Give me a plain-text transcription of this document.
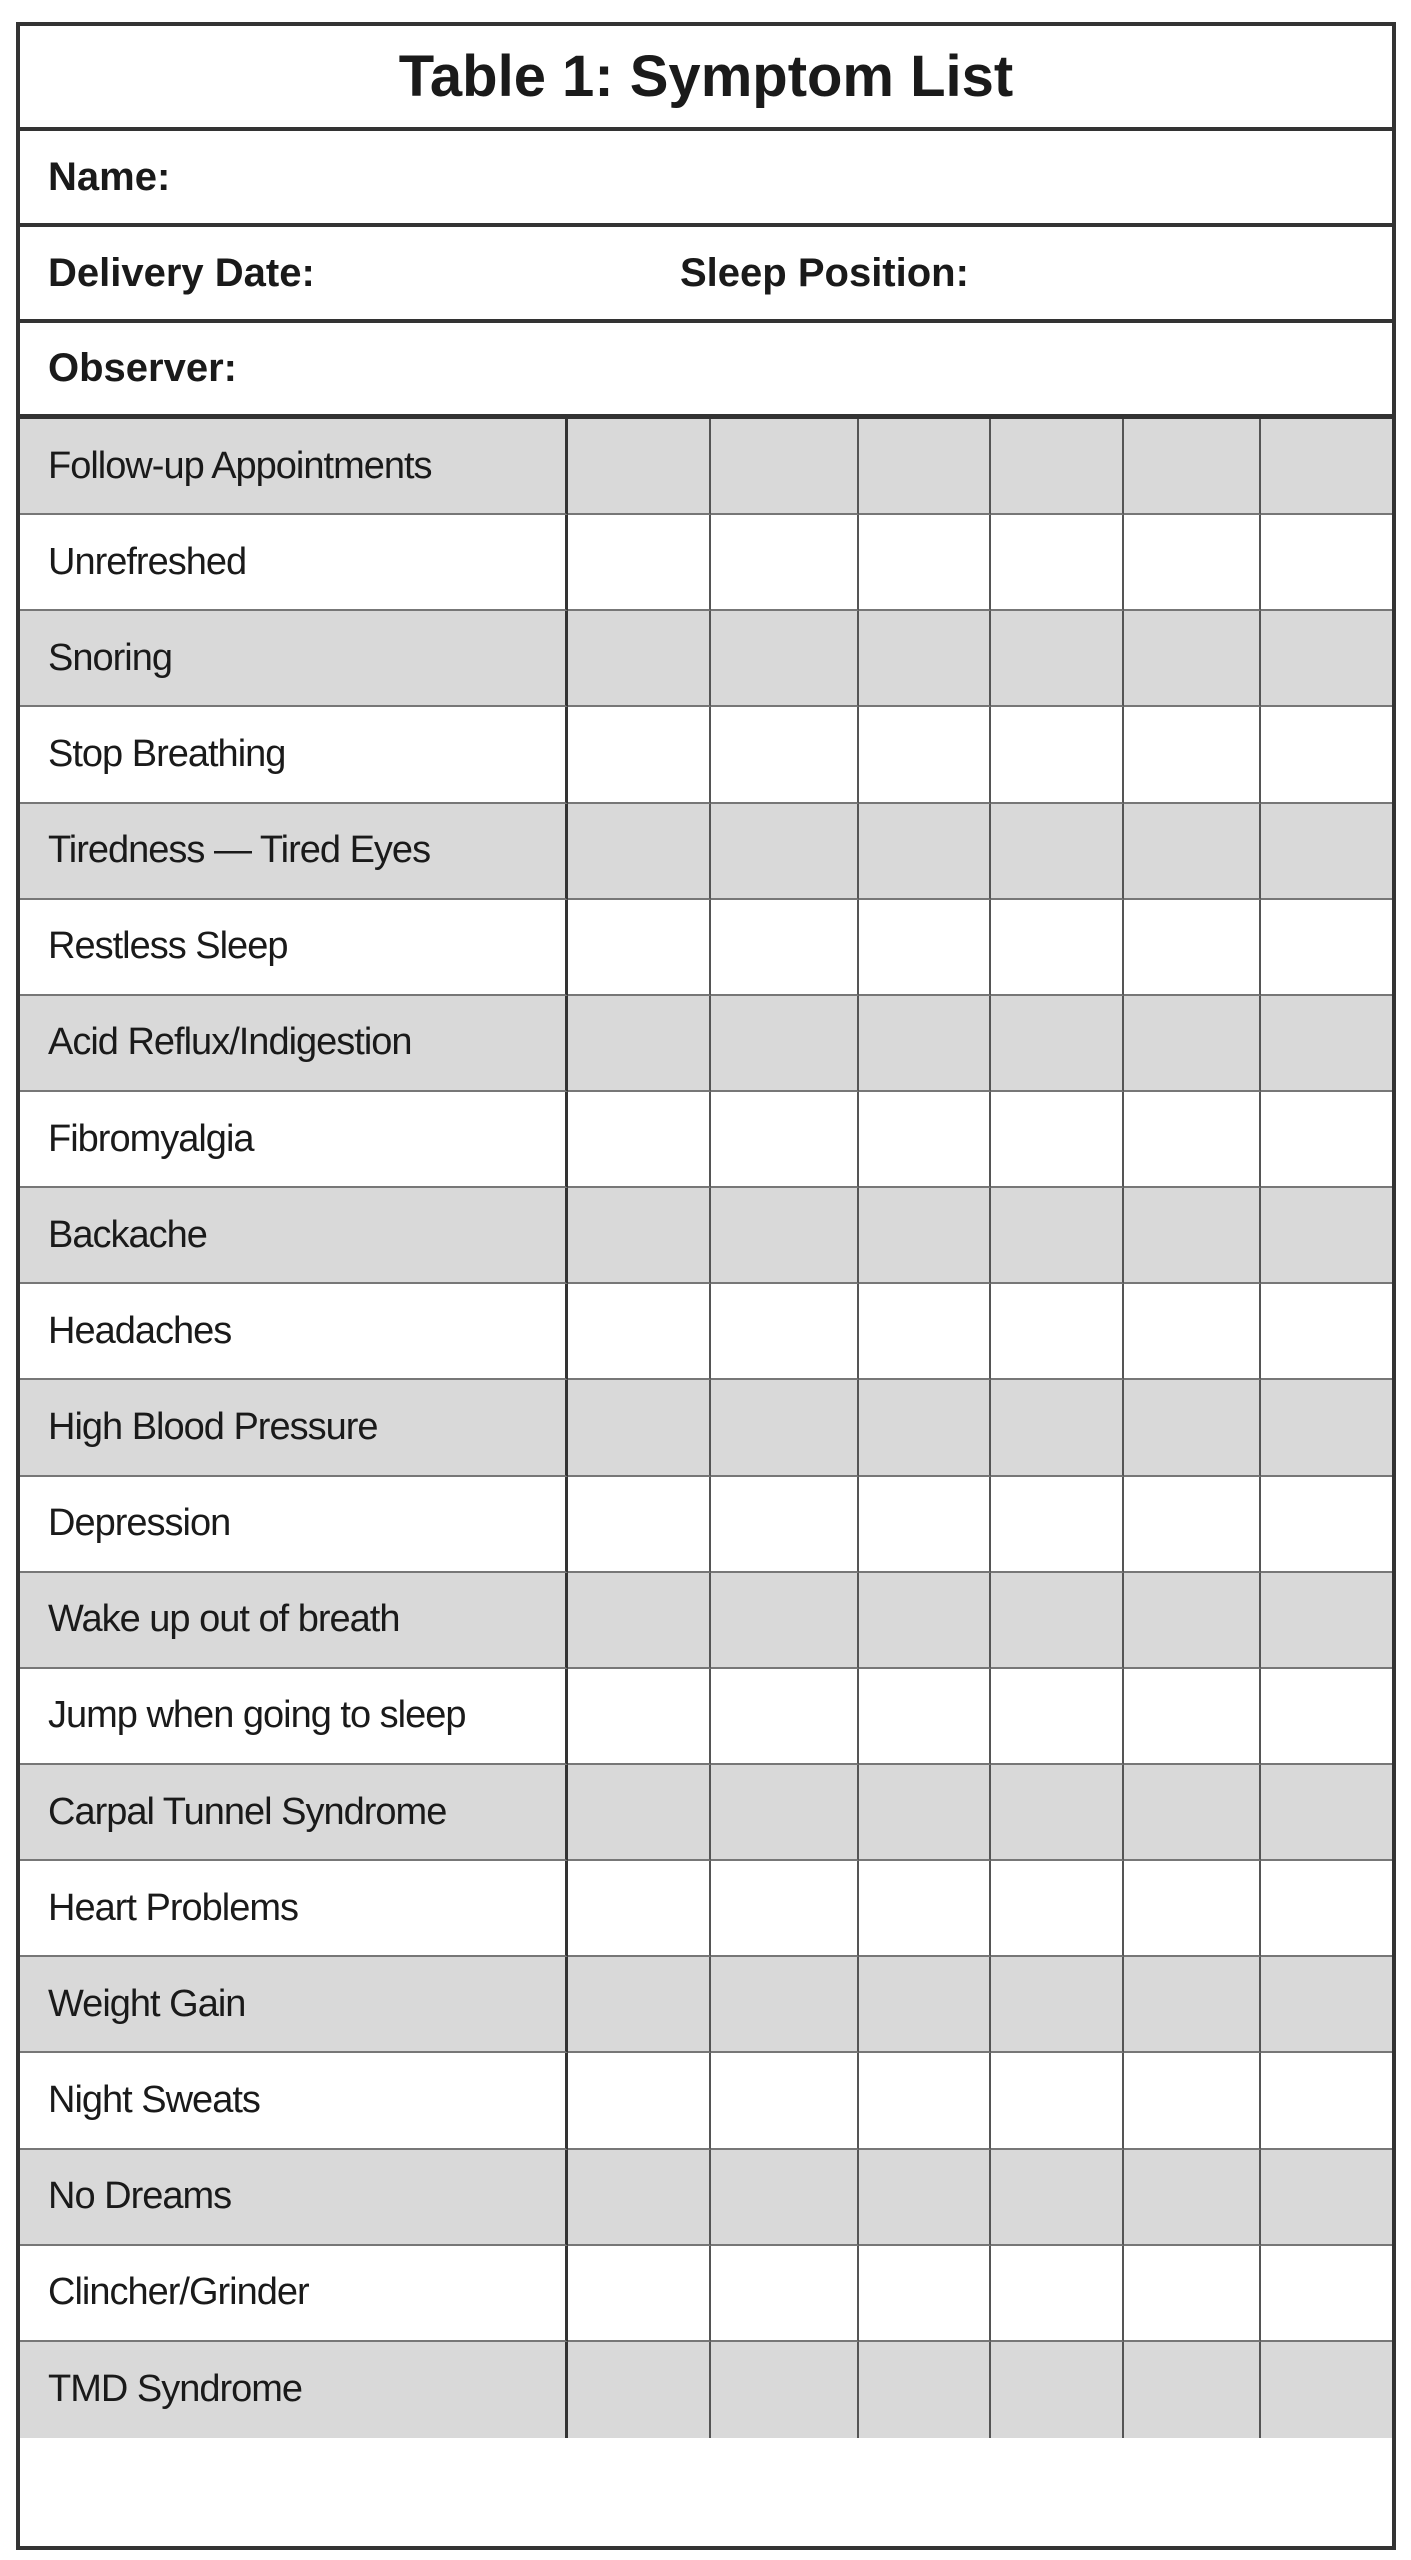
Table 1: Symptom List
Name:
Delivery Date:	Sleep Position:
Observer:
Follow-up Appointments
Unrefreshed
Snoring
Stop Breathing
Tiredness — Tired Eyes
Restless Sleep
Acid Reflux/Indigestion
Fibromyalgia
Backache
Headaches
High Blood Pressure
Depression
Wake up out of breath
Jump when going to sleep
Carpal Tunnel Syndrome
Heart Problems
Weight Gain
Night Sweats
No Dreams
Clincher/Grinder
TMD Syndrome
